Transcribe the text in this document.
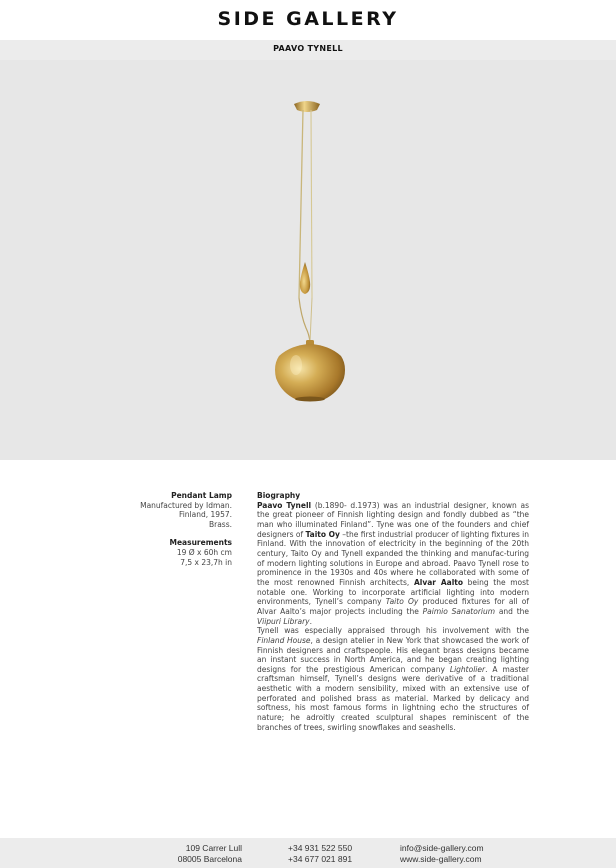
SIDE GALLERY
PAAVO TYNELL
Pendant Lamp
Manufactured by Idman.
Finland, 1957.
Brass.
Measurements
19 Ø x 60h cm
7,5 x 23,7h in
Biography

Paavo Tynell (b.1890- d.1973) was an industrial designer, known as the great pioneer of Finnish lighting design and fondly dubbed as “the man who illuminated Finland”. Tyne was one of the founders and chief designers of Taito Oy –the first industrial producer of lighting fixtures in Finland. With the innovation of electricity in the beginning of the 20th century, Taito Oy and Tynell expanded the thinking and manufac-turing of modern lighting solutions in Europe and abroad. Paavo Tynell rose to prominence in the 1930s and 40s where he collaborated with some of the most renowned Finnish architects, Alvar Aalto being the most notable one. Working to incorporate artificial lighting into modern environments, Tynell’s company Taito Oy produced fixtures for all of Alvar Aalto’s major projects including the Paimio Sanatorium and the Viipuri Library.

Tynell was especially appraised through his involvement with the Finland House, a design atelier in New York that showcased the work of Finnish designers and craftspeople. His elegant brass designs became an instant success in North America, and he began creating lighting designs for the prestigious American company Lightolier. A master craftsman himself, Tynell’s designs were derivative of a traditional aesthetic with a modern sensibility, mixed with an extensive use of perforated and polished brass as material. Marked by delicacy and softness, his most famous forms in lightning echo the structures of nature; he adroitly created sculptural shapes reminiscent of the branches of trees, swirling snowflakes and seashells.

109 Carrer Lull
08005 Barcelona
+34 931 522 550
+34 677 021 891
info@side-gallery.com
www.side-gallery.com
